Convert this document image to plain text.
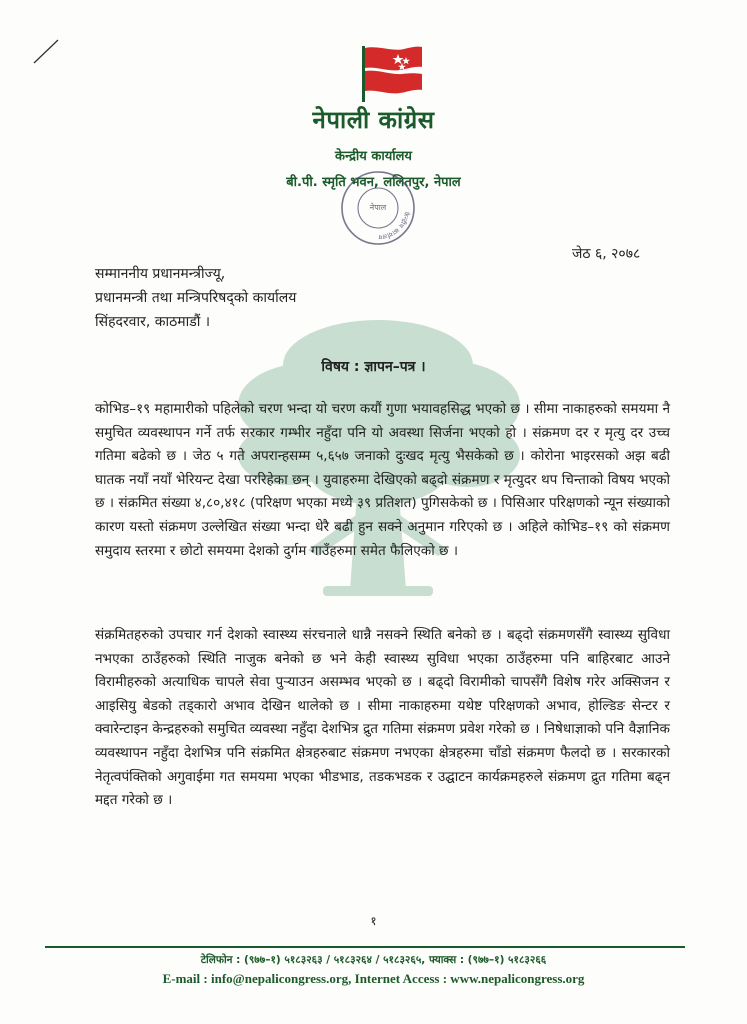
नेपाली कांग्रेस
केन्द्रीय कार्यालय
बी.पी. स्मृति भवन, ललितपुर, नेपाल
केन्द्रीय कार्यालय
नेपाल
जेठ ६, २०७८
सम्माननीय प्रधानमन्त्रीज्यू,
प्रधानमन्त्री तथा मन्त्रिपरिषद्को कार्यालय
सिंहदरवार, काठमाडौं ।
विषय : ज्ञापन–पत्र ।
कोभिड–१९ महामारीको पहिलेको चरण भन्दा यो चरण कयौं गुणा भयावहसिद्ध भएको छ । सीमा नाकाहरुको समयमा नै समुचित व्यवस्थापन गर्ने तर्फ सरकार गम्भीर नहुँदा पनि यो अवस्था सिर्जना भएको हो । संक्रमण दर र मृत्यु दर उच्च गतिमा बढेको छ । जेठ ५ गते अपरान्हसम्म ५,६५७ जनाको दुःखद मृत्यु भैसकेको छ । कोरोना भाइरसको अझ बढी घातक नयाँ नयाँ भेरियन्ट देखा पररिहेका छन् । युवाहरुमा देखिएको बढ्दो संक्रमण र मृत्युदर थप चिन्ताकाे विषय भएको छ । संक्रमित संख्या ४,८०,४१८ (परिक्षण भएका मध्ये ३९ प्रतिशत) पुगिसकेको छ । पिसिआर परिक्षणको न्यून संख्याको कारण यस्तो संक्रमण उल्लेखित संख्या भन्दा धेरै बढी हुन सक्ने अनुमान गरिएको छ । अहिले कोभिड–१९ को संक्रमण समुदाय स्तरमा र छोटो समयमा देशको दुर्गम गाउँहरुमा समेत फैलिएको छ ।
संक्रमितहरुको उपचार गर्न देशको स्वास्थ्य संरचनाले धान्नै नसक्ने स्थिति बनेको छ । बढ्दो संक्रमणसँगै स्वास्थ्य सुविधा नभएका ठाउँहरुको स्थिति नाजुक बनेको छ भने केही स्वास्थ्य सुविधा भएका ठाउँहरुमा पनि बाहिरबाट आउने विरामीहरुको अत्याधिक चापले सेवा पुर्‍याउन असम्भव भएको छ । बढ्दो विरामीको चापसँगै विशेष गरेर अक्सिजन र आइसियु बेडको तड्कारो अभाव देखिन थालेको छ । सीमा नाकाहरुमा यथेष्ट परिक्षणको अभाव, होल्डिङ सेन्टर र क्वारेन्टाइन केन्द्रहरुको समुचित व्यवस्था नहुँदा देशभित्र द्रुत गतिमा संक्रमण प्रवेश गरेको छ । निषेधाज्ञाको पनि वैज्ञानिक व्यवस्थापन नहुँदा देशभित्र पनि संक्रमित क्षेत्रहरुबाट संक्रमण नभएका क्षेत्रहरुमा चाँडो संक्रमण फैलदो छ । सरकारको नेतृत्वपंक्तिको अगुवाईमा गत समयमा भएका भीडभाड, तडकभडक र उद्घाटन कार्यक्रमहरुले संक्रमण द्रुत गतिमा बढ्न मद्दत गरेको छ ।
१
टेलिफोन : (९७७–१) ५१८३२६३ / ५१८३२६४ / ५१८३२६५, फ्याक्स : (९७७–१) ५१८३२६६
E-mail : info@nepalicongress.org, Internet Access : www.nepalicongress.org
